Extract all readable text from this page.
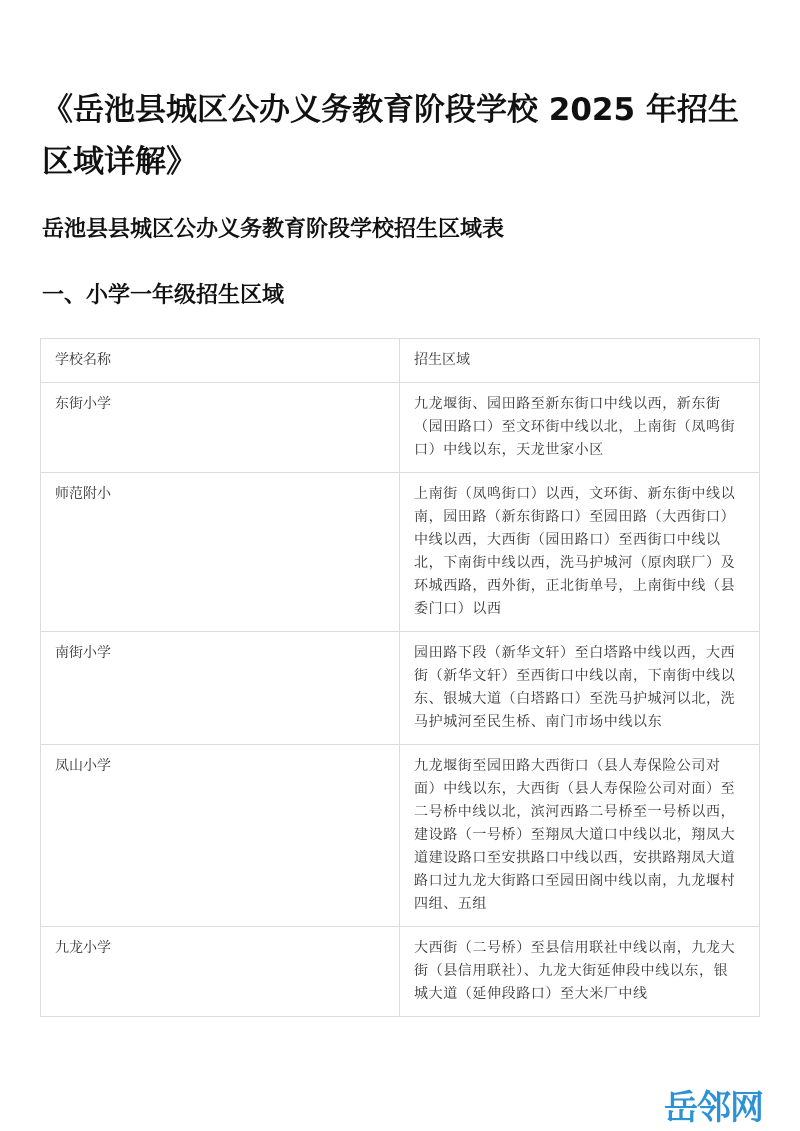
《岳池县城区公办义务教育阶段学校 2025 年招生区域详解》
岳池县县城区公办义务教育阶段学校招生区域表
一、小学一年级招生区域
学校名称	招生区域
东街小学	九龙堰街、园田路至新东街口中线以西，新东街（园田路口）至文环街中线以北，上南街（凤鸣街口）中线以东，天龙世家小区
师范附小	上南街（凤鸣街口）以西，文环街、新东街中线以南，园田路（新东街路口）至园田路（大西街口）中线以西，大西街（园田路口）至西街口中线以北，下南街中线以西，洗马护城河（原肉联厂）及环城西路，西外街，正北街单号，上南街中线（县委门口）以西
南街小学	园田路下段（新华文轩）至白塔路中线以西，大西街（新华文轩）至西街口中线以南，下南街中线以东、银城大道（白塔路口）至洗马护城河以北，洗马护城河至民生桥、南门市场中线以东
凤山小学	九龙堰街至园田路大西街口（县人寿保险公司对面）中线以东，大西街（县人寿保险公司对面）至二号桥中线以北，滨河西路二号桥至一号桥以西，建设路（一号桥）至翔凤大道口中线以北，翔凤大道建设路口至安拱路口中线以西，安拱路翔凤大道路口过九龙大街路口至园田阁中线以南，九龙堰村四组、五组
九龙小学	大西街（二号桥）至县信用联社中线以南，九龙大街（县信用联社）、九龙大街延伸段中线以东，银城大道（延伸段路口）至大米厂中线
岳邻网
